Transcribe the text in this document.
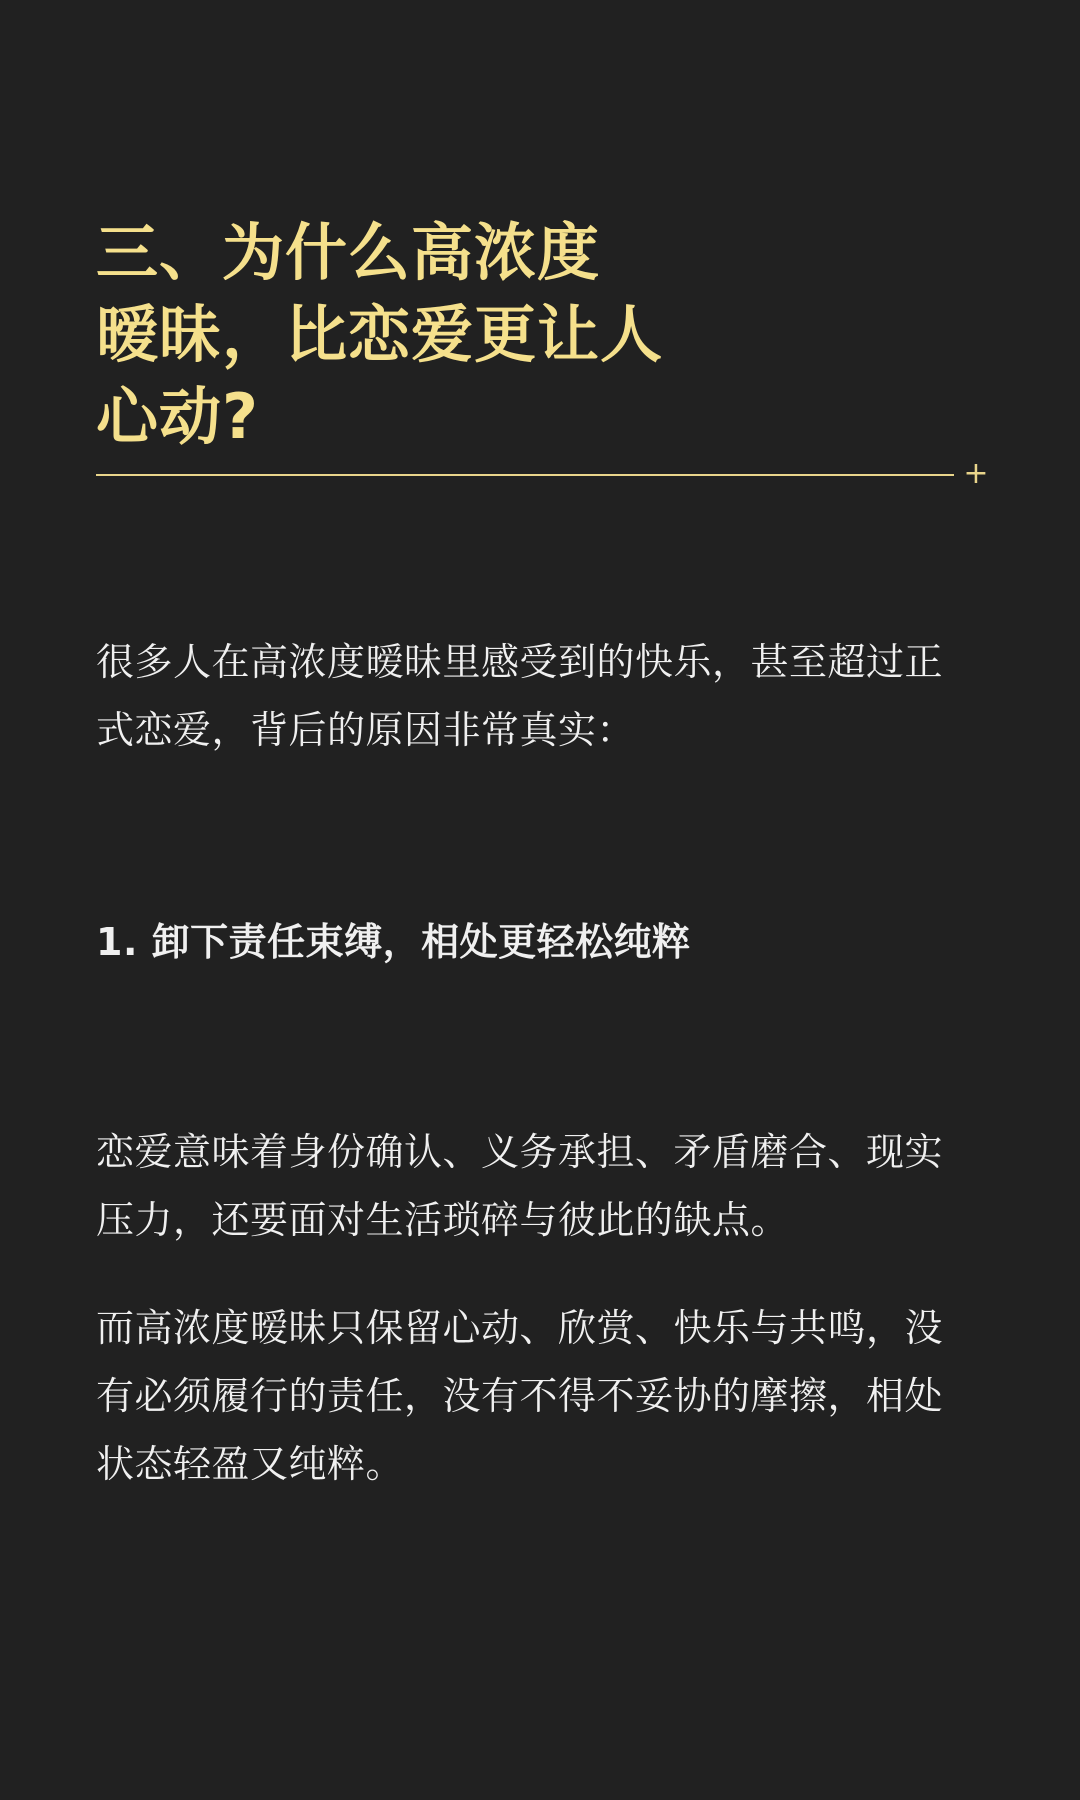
三、为什么高浓度
暧昧，比恋爱更让人
心动?
+

很多人在高浓度暧昧里感受到的快乐，甚至超过正
式恋爱，背后的原因非常真实：

1. 卸下责任束缚，相处更轻松纯粹

恋爱意味着身份确认、义务承担、矛盾磨合、现实
压力，还要面对生活琐碎与彼此的缺点。

而高浓度暧昧只保留心动、欣赏、快乐与共鸣，没
有必须履行的责任，没有不得不妥协的摩擦，相处
状态轻盈又纯粹。
